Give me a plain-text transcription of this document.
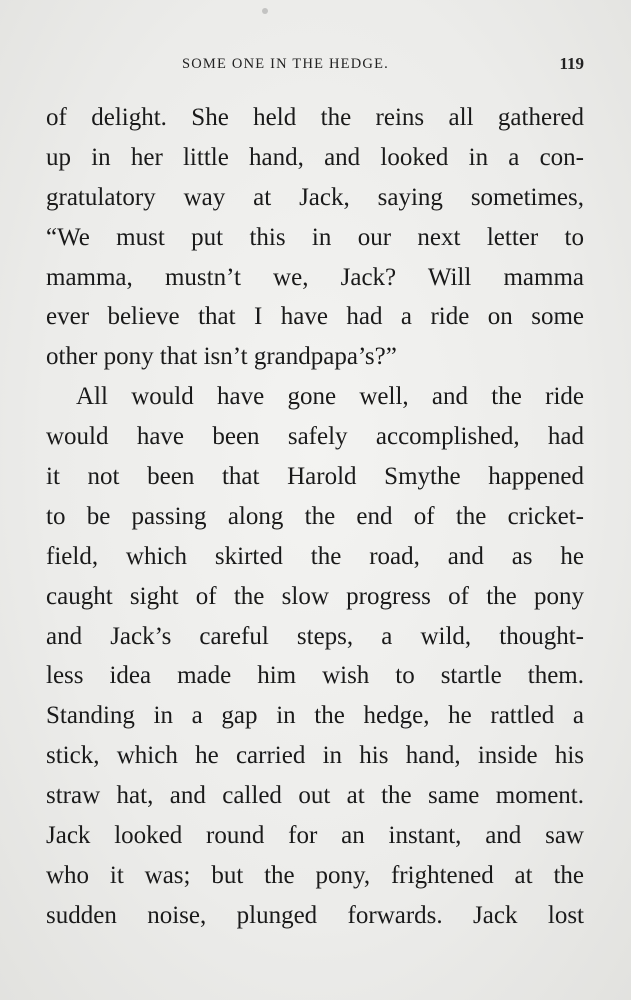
SOME ONE IN THE HEDGE.	119
of delight. She held the reins all gathered
up in her little hand, and looked in a con-
gratulatory way at Jack, saying sometimes,
“We must put this in our next letter to
mamma, mustn’t we, Jack? Will mamma
ever believe that I have had a ride on some
other pony that isn’t grandpapa’s?”
All would have gone well, and the ride
would have been safely accomplished, had
it not been that Harold Smythe happened
to be passing along the end of the cricket-
field, which skirted the road, and as he
caught sight of the slow progress of the pony
and Jack’s careful steps, a wild, thought-
less idea made him wish to startle them.
Standing in a gap in the hedge, he rattled a
stick, which he carried in his hand, inside his
straw hat, and called out at the same moment.
Jack looked round for an instant, and saw
who it was; but the pony, frightened at the
sudden noise, plunged forwards. Jack lost
